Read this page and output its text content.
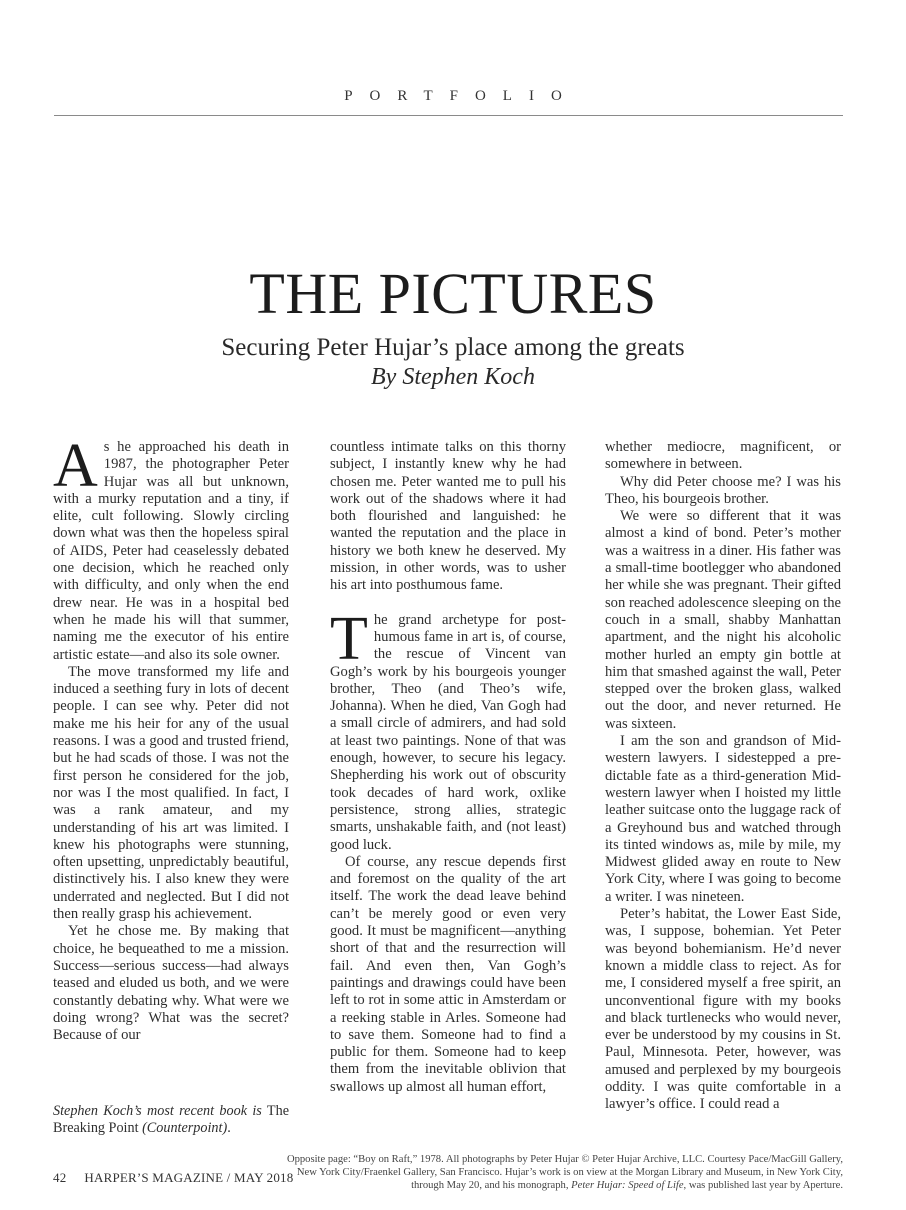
PORTFOLIO
THE PICTURES
Securing Peter Hujar’s place among the greats
By Stephen Koch

As he approached his death in 1987, the photographer Peter Hujar was all but unknown, with a murky reputation and a tiny, if elite, cult following. Slowly circling down what was then the hopeless spiral of AIDS, Peter had ceaselessly debated one decision, which he reached only with difficulty, and only when the end drew near. He was in a hospital bed when he made his will that summer, naming me the executor of his entire artistic estate—and also its sole owner.

The move transformed my life and induced a seething fury in lots of decent people. I can see why. Peter did not make me his heir for any of the usual reasons. I was a good and trusted friend, but he had scads of those. I was not the first person he considered for the job, nor was I the most qualified. In fact, I was a rank amateur, and my understanding of his art was limited. I knew his photographs were stunning, often upsetting, unpredictably beautiful, distinctively his. I also knew they were underrated and neglected. But I did not then really grasp his achievement.

Yet he chose me. By making that choice, he bequeathed to me a mission. Success—serious success—had always teased and eluded us both, and we were constantly debating why. What were we doing wrong? What was the secret? Because of our

countless intimate talks on this thorny subject, I instantly knew why he had chosen me. Peter wanted me to pull his work out of the shadows where it had both flourished and languished: he wanted the reputation and the place in history we both knew he deserved. My mission, in other words, was to usher his art into posthumous fame.

The grand archetype for posthumous fame in art is, of course, the rescue of Vincent van Gogh’s work by his bourgeois younger brother, Theo (and Theo’s wife, Johanna). When he died, Van Gogh had a small circle of admirers, and had sold at least two paintings. None of that was enough, however, to secure his legacy. Shepherding his work out of obscurity took decades of hard work, oxlike persistence, strong allies, strategic smarts, unshakable faith, and (not least) good luck.

Of course, any rescue depends first and foremost on the quality of the art itself. The work the dead leave behind can’t be merely good or even very good. It must be magnificent—anything short of that and the resurrection will fail. And even then, Van Gogh’s paintings and drawings could have been left to rot in some attic in Amsterdam or a reeking stable in Arles. Someone had to save them. Someone had to find a public for them. Someone had to keep them from the inevitable oblivion that swallows up almost all human effort,

whether mediocre, magnificent, or somewhere in between.

Why did Peter choose me? I was his Theo, his bourgeois brother.

We were so different that it was almost a kind of bond. Peter’s mother was a waitress in a diner. His father was a small-time bootlegger who abandoned her while she was pregnant. Their gifted son reached adolescence sleeping on the couch in a small, shabby Manhattan apartment, and the night his alcoholic mother hurled an empty gin bottle at him that smashed against the wall, Peter stepped over the broken glass, walked out the door, and never returned. He was sixteen.

I am the son and grandson of Midwestern lawyers. I sidestepped a predictable fate as a third-generation Midwestern lawyer when I hoisted my little leather suitcase onto the luggage rack of a Greyhound bus and watched through its tinted windows as, mile by mile, my Midwest glided away en route to New York City, where I was going to become a writer. I was nineteen.

Peter’s habitat, the Lower East Side, was, I suppose, bohemian. Yet Peter was beyond bohemianism. He’d never known a middle class to reject. As for me, I considered myself a free spirit, an unconventional figure with my books and black turtlenecks who would never, ever be understood by my cousins in St. Paul, Minnesota. Peter, however, was amused and perplexed by my bourgeois oddity. I was quite comfortable in a lawyer’s office. I could read a

Stephen Koch’s most recent book is The Breaking Point (Counterpoint).
42 HARPER’S MAGAZINE / MAY 2018
Opposite page: “Boy on Raft,” 1978. All photographs by Peter Hujar © Peter Hujar Archive, LLC. Courtesy Pace/MacGill Gallery, New York City/Fraenkel Gallery, San Francisco. Hujar’s work is on view at the Morgan Library and Museum, in New York City, through May 20, and his monograph, Peter Hujar: Speed of Life, was published last year by Aperture.
